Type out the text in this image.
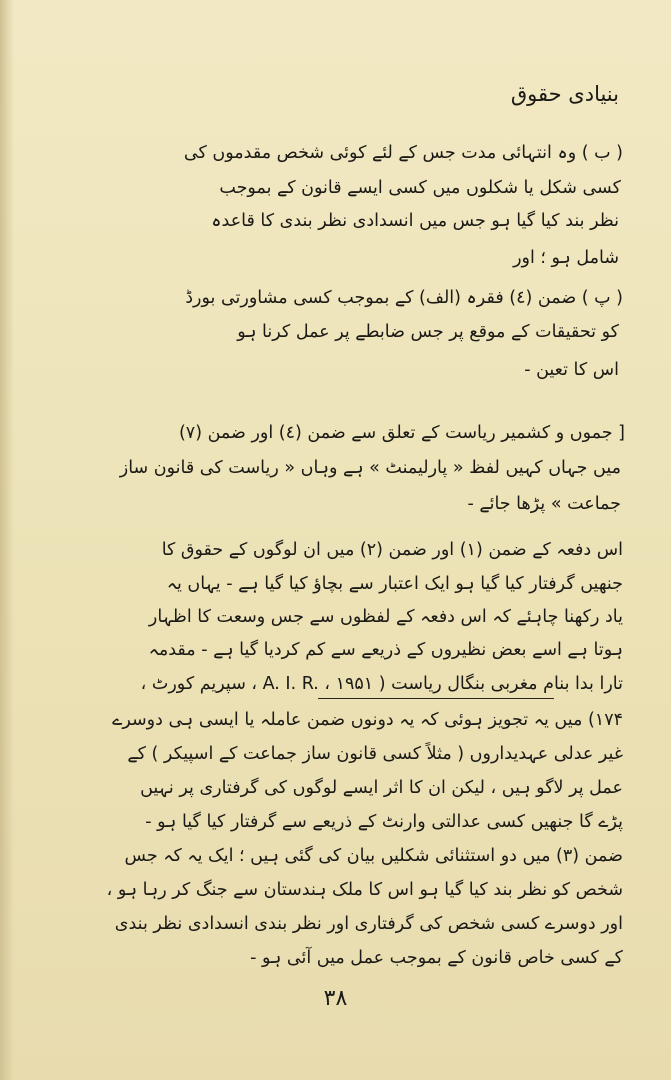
بنیادی حقوق
( ب ) وہ انتہائی مدت جس کے لئے کوئی شخص مقدموں کی
کسی شکل یا شکلوں میں کسی ایسے قانون کے بموجب
نظر بند کیا گیا ہو جس میں انسدادی نظر بندی کا قاعدہ
شامل ہو ؛ اور
( پ ) ضمن (٤) فقرہ (الف) کے بموجب کسی مشاورتی بورڈ
کو تحقیقات کے موقع پر جس ضابطے پر عمل کرنا ہو
اس کا تعین -
[ جموں و کشمیر ریاست کے تعلق سے ضمن (٤) اور ضمن (۷)
میں جہاں کہیں لفظ « پارلیمنٹ » ہے وہاں « ریاست کی قانون ساز
جماعت » پڑھا جائے -
اس دفعہ کے ضمن (۱) اور ضمن (۲) میں ان لوگوں کے حقوق کا
جنھیں گرفتار کیا گیا ہو ایک اعتبار سے بچاؤ کیا گیا ہے - یہاں یہ
یاد رکھنا چاہئے کہ اس دفعہ کے لفظوں سے جس وسعت کا اظہار
ہوتا ہے اسے بعض نظیروں کے ذریعے سے کم کردیا گیا ہے - مقدمہ
تارا بدا بنام مغربی بنگال ریاست ( A. I. R. ، ۱۹۵۱ ، سپریم کورٹ ،
۱۷۴) میں یہ تجویز ہوئی کہ یہ دونوں ضمن عاملہ یا ایسی ہی دوسرے
غیر عدلی عہدیداروں ( مثلاً کسی قانون ساز جماعت کے اسپیکر ) کے
عمل پر لاگو ہیں ، لیکن ان کا اثر ایسے لوگوں کی گرفتاری پر نہیں
پڑے گا جنھیں کسی عدالتی وارنٹ کے ذریعے سے گرفتار کیا گیا ہو -
ضمن (۳) میں دو استثنائی شکلیں بیان کی گئی ہیں ؛ ایک یہ کہ جس
شخص کو نظر بند کیا گیا ہو اس کا ملک ہندستان سے جنگ کر رہا ہو ،
اور دوسرے کسی شخص کی گرفتاری اور نظر بندی انسدادی نظر بندی
کے کسی خاص قانون کے بموجب عمل میں آئی ہو -
۳۸
